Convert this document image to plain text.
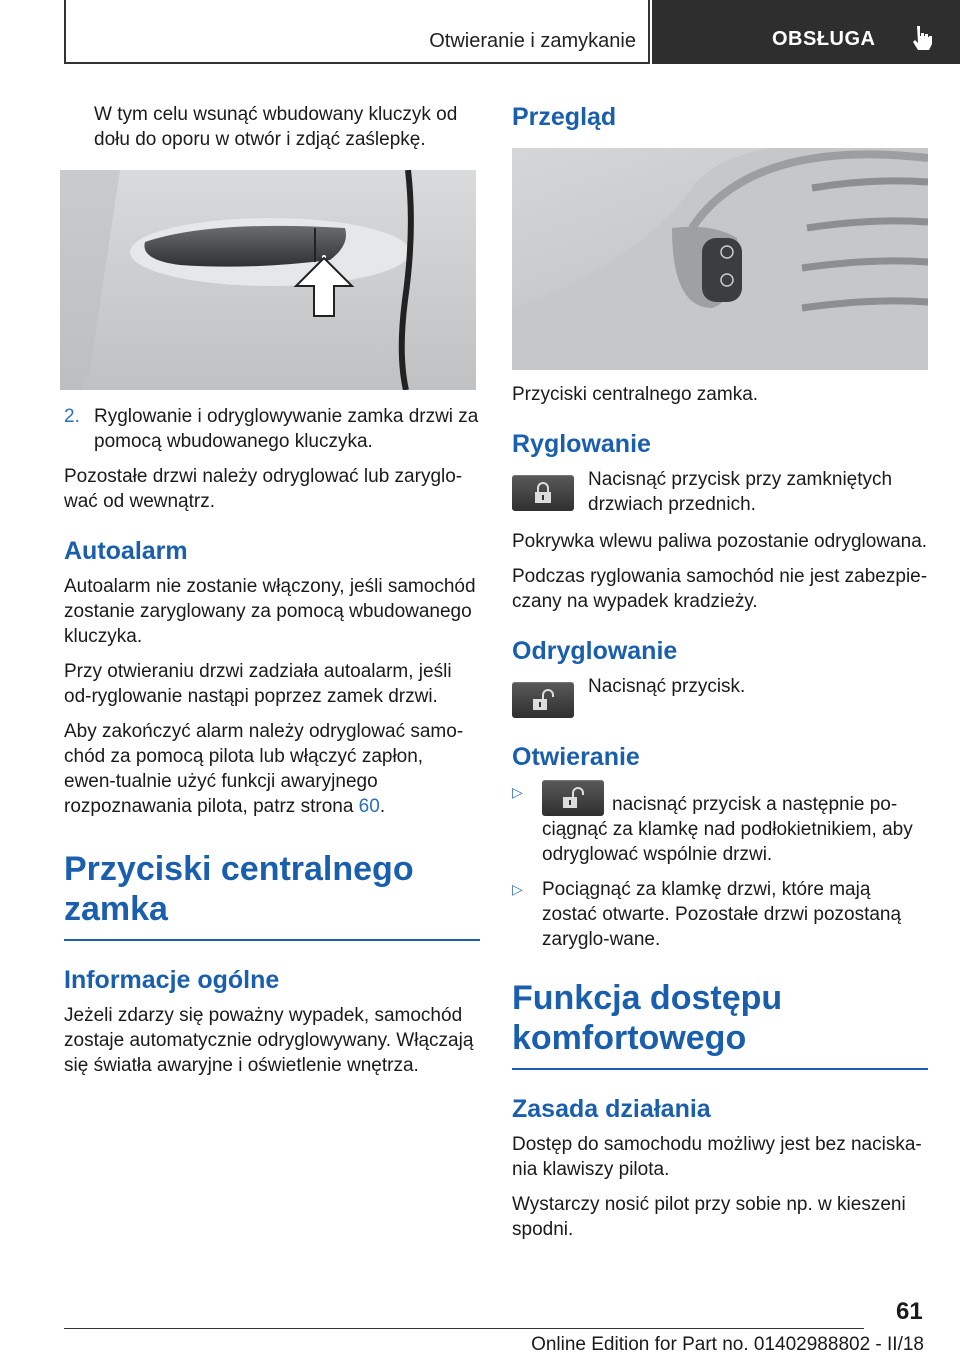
Otwieranie i zamykanie	OBSŁUGA

W tym celu wsunąć wbudowany kluczyk od dołu do oporu w otwór i zdjąć zaślepkę.

2. Ryglowanie i odryglowywanie zamka drzwi za pomocą wbudowanego kluczyka.

Pozostałe drzwi należy odryglować lub zaryglo‐wać od wewnątrz.

Autoalarm

Autoalarm nie zostanie włączony, jeśli samochód zostanie zaryglowany za pomocą wbudowanego kluczyka.

Przy otwieraniu drzwi zadziała autoalarm, jeśli od‐ryglowanie nastąpi poprzez zamek drzwi.

Aby zakończyć alarm należy odryglować samo‐chód za pomocą pilota lub włączyć zapłon, ewen‐tualnie użyć funkcji awaryjnego rozpoznawania pilota, patrz strona 60.

Przyciski centralnego zamka
Informacje ogólne

Jeżeli zdarzy się poważny wypadek, samochód zostaje automatycznie odryglowywany. Włączają się światła awaryjne i oświetlenie wnętrza.

Przegląd

Przyciski centralnego zamka.

Ryglowanie

Nacisnąć przycisk przy zamkniętych drzwiach przednich.

Pokrywka wlewu paliwa pozostanie odryglowana.

Podczas ryglowania samochód nie jest zabezpie‐czany na wypadek kradzieży.

Odryglowanie

Nacisnąć przycisk.

Otwieranie
▷
nacisnąć przycisk a następnie po‐ciągnąć za klamkę nad podłokietnikiem, aby odryglować wspólnie drzwi.
▷ Pociągnąć za klamkę drzwi, które mają zostać otwarte. Pozostałe drzwi pozostaną zaryglo‐wane.
Funkcja dostępu komfortowego
Zasada działania

Dostęp do samochodu możliwy jest bez naciska‐nia klawiszy pilota.

Wystarczy nosić pilot przy sobie np. w kieszeni spodni.

61
Online Edition for Part no. 01402988802 - II/18
